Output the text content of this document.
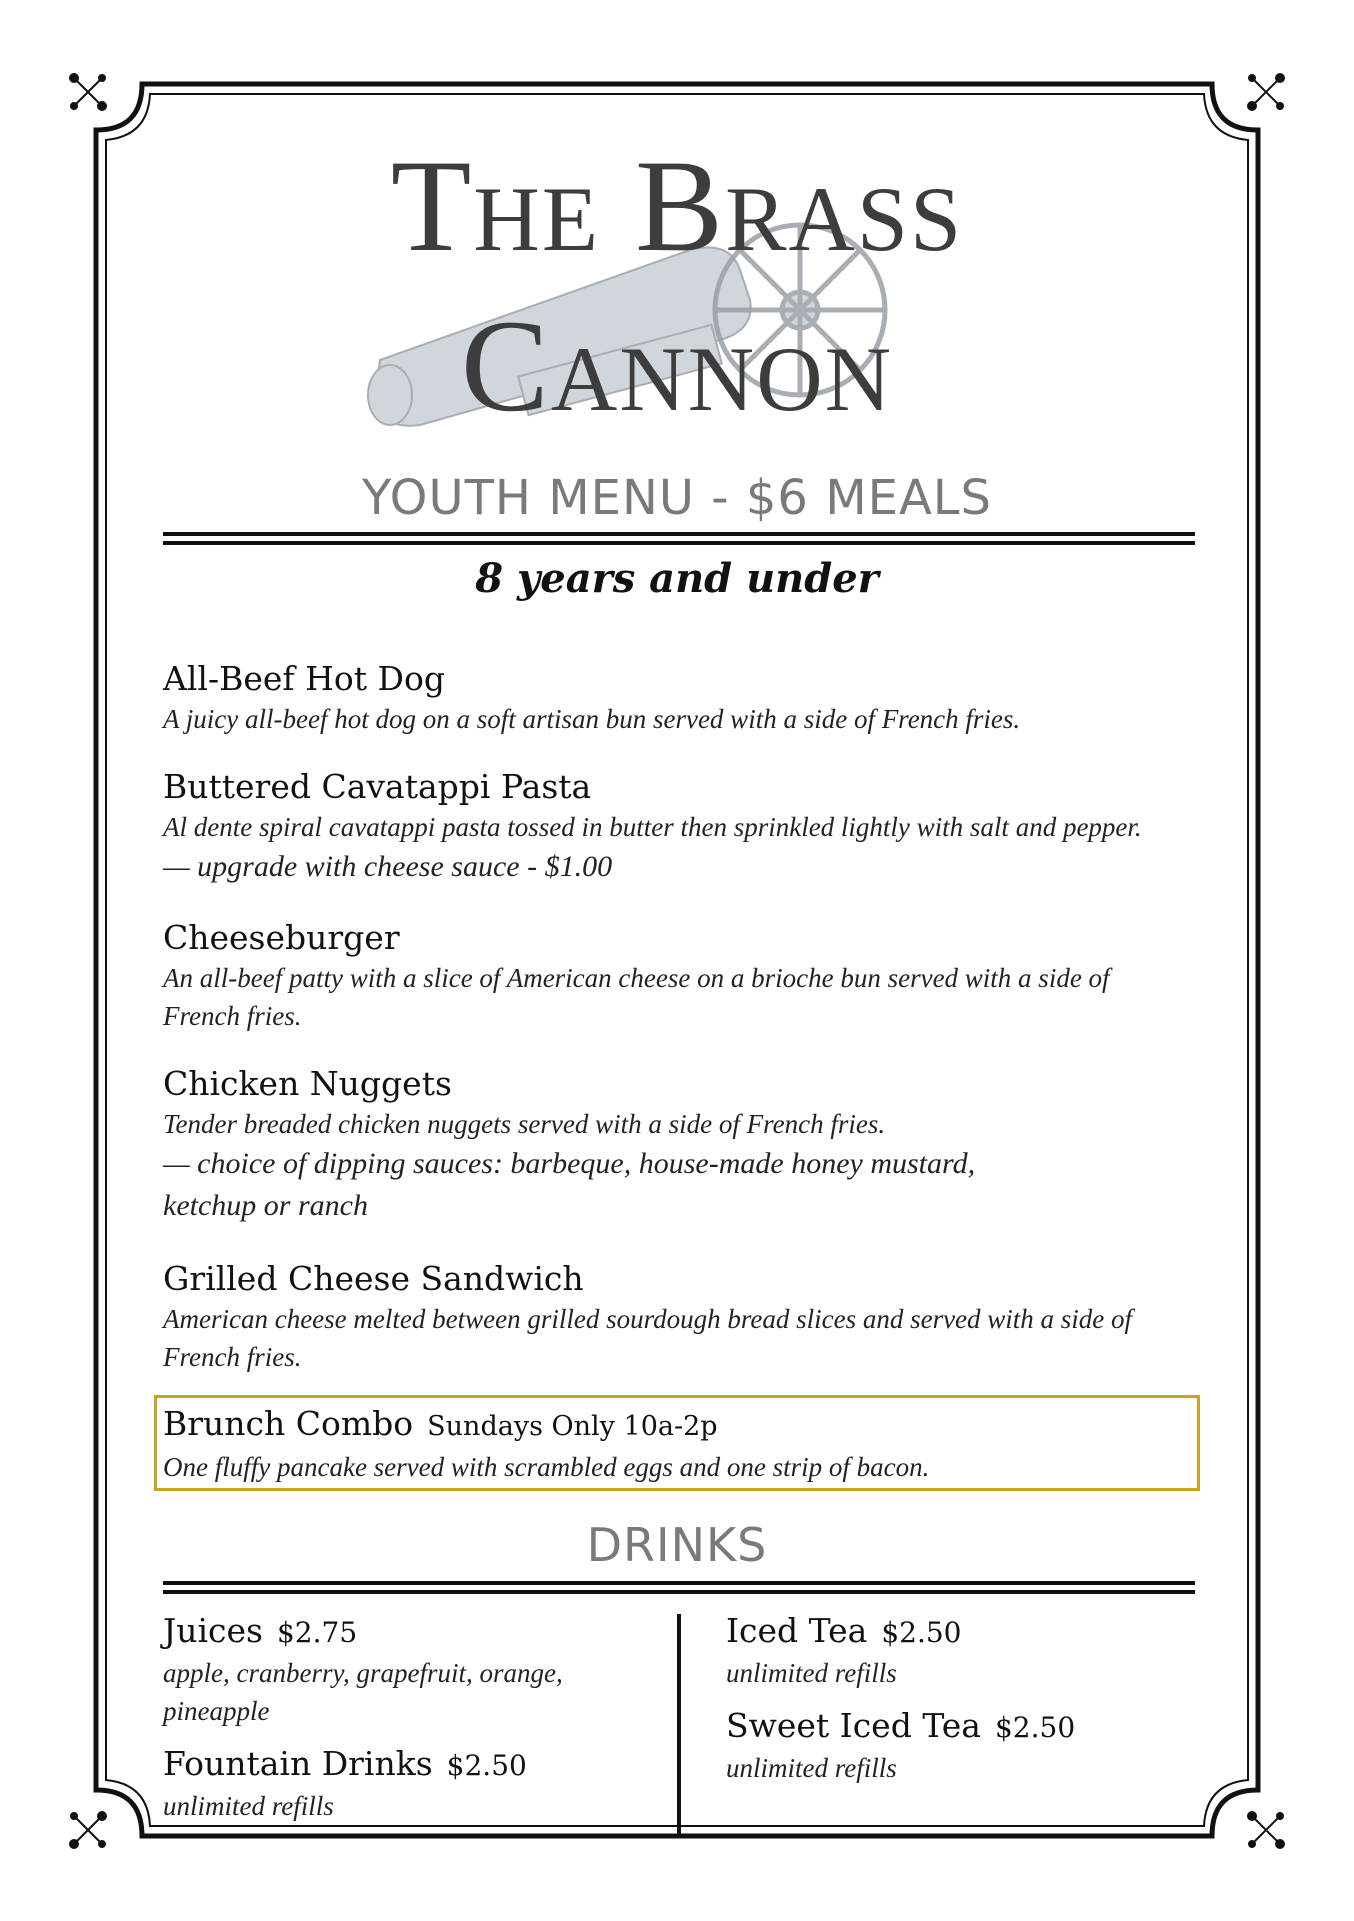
The Brass
Cannon
YOUTH MENU - $6 MEALS
8 years and under
All-Beef Hot Dog
A juicy all-beef hot dog on a soft artisan bun served with a side of French fries.
Buttered Cavatappi Pasta
Al dente spiral cavatappi pasta tossed in butter then sprinkled lightly with salt and pepper.
— upgrade with cheese sauce - $1.00
Cheeseburger
An all-beef patty with a slice of American cheese on a brioche bun served with a side of French fries.
Chicken Nuggets
Tender breaded chicken nuggets served with a side of French fries.
— choice of dipping sauces: barbeque, house-made honey mustard, ketchup or ranch
Grilled Cheese Sandwich
American cheese melted between grilled sourdough bread slices and served with a side of French fries.
Brunch Combo Sundays Only 10a-2p
One fluffy pancake served with scrambled eggs and one strip of bacon.
DRINKS
Juices $2.75
apple, cranberry, grapefruit, orange, pineapple
Fountain Drinks $2.50
unlimited refills
Iced Tea $2.50
unlimited refills
Sweet Iced Tea $2.50
unlimited refills
